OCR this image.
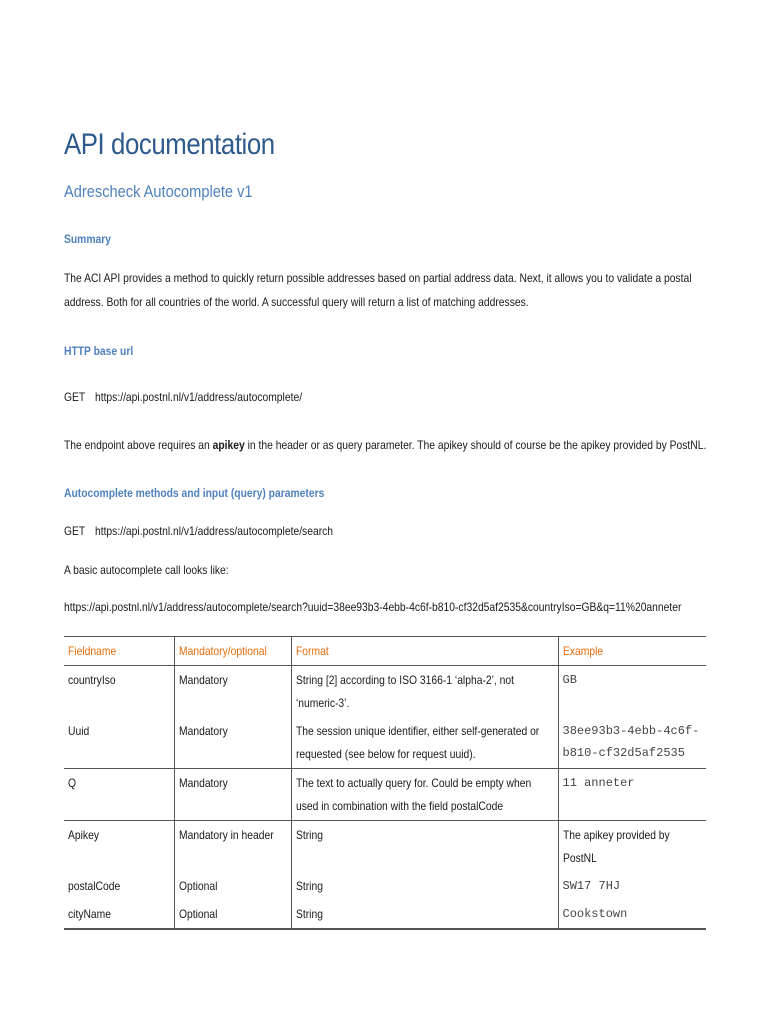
API documentation
Adrescheck Autocomplete v1
Summary
The ACI API provides a method to quickly return possible addresses based on partial address data. Next, it allows you to validate a postal address. Both for all countries of the world. A successful query will return a list of matching addresses.
HTTP base url
GET https://api.postnl.nl/v1/address/autocomplete/
The endpoint above requires an apikey in the header or as query parameter. The apikey should of course be the apikey provided by PostNL.
Autocomplete methods and input (query) parameters
GET https://api.postnl.nl/v1/address/autocomplete/search
A basic autocomplete call looks like:
https://api.postnl.nl/v1/address/autocomplete/search?uuid=38ee93b3-4ebb-4c6f-b810-cf32d5af2535&countryIso=GB&q=11%20anneter
Fieldname	Mandatory/optional	Format	Example
countryIso	Mandatory	String [2] according to ISO 3166-1 ‘alpha-2’, not ‘numeric-3’.	GB
Uuid	Mandatory	The session unique identifier, either self-generated or requested (see below for request uuid).	38ee93b3-4ebb-4c6f-b810-cf32d5af2535
Q	Mandatory	The text to actually query for. Could be empty when used in combination with the field postalCode	11 anneter
Apikey	Mandatory in header	String	The apikey provided by PostNL
postalCode	Optional	String	SW17 7HJ
cityName	Optional	String	Cookstown
